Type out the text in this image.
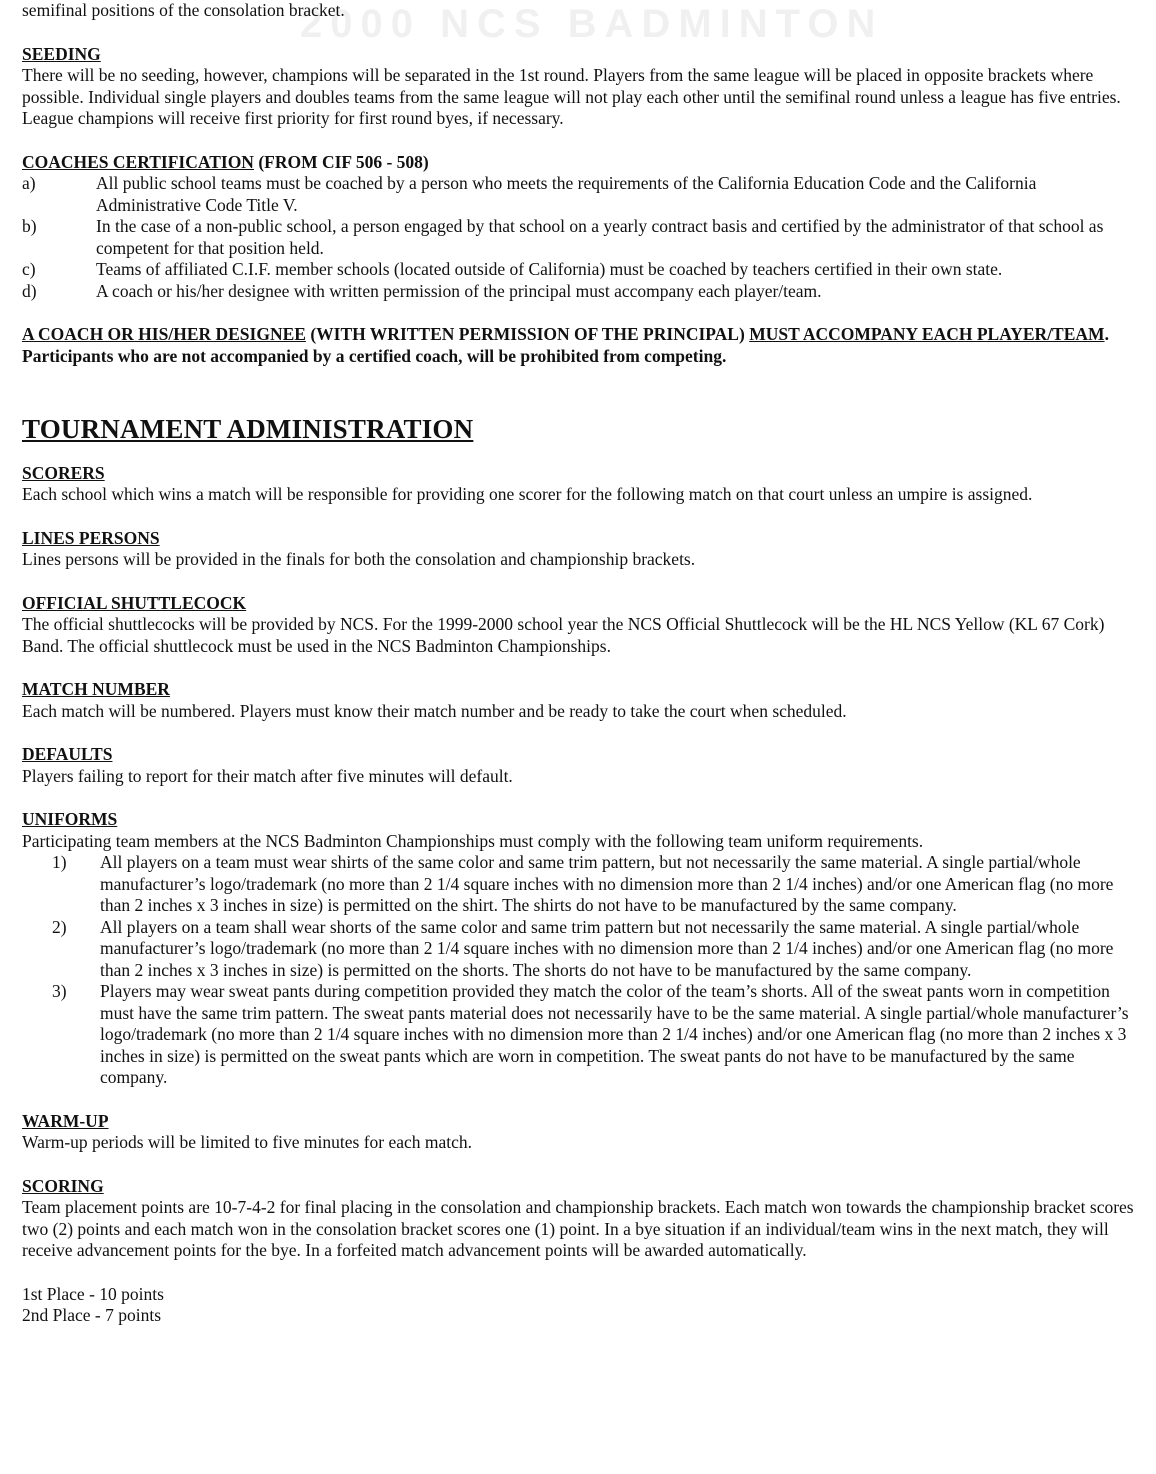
2000 NCS BADMINTON

semifinal positions of the consolation bracket.

SEEDING

There will be no seeding, however, champions will be separated in the 1st round. Players from the same league will be placed in opposite brackets where possible. Individual single players and doubles teams from the same league will not play each other until the semifinal round unless a league has five entries. League champions will receive first priority for first round byes, if necessary.

COACHES CERTIFICATION (FROM CIF 506 - 508)
a)	All public school teams must be coached by a person who meets the requirements of the California Education Code and the California Administrative Code Title V.
b)	In the case of a non-public school, a person engaged by that school on a yearly contract basis and certified by the administrator of that school as competent for that position held.
c)	Teams of affiliated C.I.F. member schools (located outside of California) must be coached by teachers certified in their own state.
d)	A coach or his/her designee with written permission of the principal must accompany each player/team.

A COACH OR HIS/HER DESIGNEE (WITH WRITTEN PERMISSION OF THE PRINCIPAL) MUST ACCOMPANY EACH PLAYER/TEAM. Participants who are not accompanied by a certified coach, will be prohibited from competing.

TOURNAMENT ADMINISTRATION
SCORERS

Each school which wins a match will be responsible for providing one scorer for the following match on that court unless an umpire is assigned.

LINES PERSONS

Lines persons will be provided in the finals for both the consolation and championship brackets.

OFFICIAL SHUTTLECOCK

The official shuttlecocks will be provided by NCS. For the 1999-2000 school year the NCS Official Shuttlecock will be the HL NCS Yellow (KL 67 Cork) Band. The official shuttlecock must be used in the NCS Badminton Championships.

MATCH NUMBER

Each match will be numbered. Players must know their match number and be ready to take the court when scheduled.

DEFAULTS

Players failing to report for their match after five minutes will default.

UNIFORMS

Participating team members at the NCS Badminton Championships must comply with the following team uniform requirements.

1)	All players on a team must wear shirts of the same color and same trim pattern, but not necessarily the same material. A single partial/whole manufacturer’s logo/trademark (no more than 2 1/4 square inches with no dimension more than 2 1/4 inches) and/or one American flag (no more than 2 inches x 3 inches in size) is permitted on the shirt. The shirts do not have to be manufactured by the same company.
2)	All players on a team shall wear shorts of the same color and same trim pattern but not necessarily the same material. A single partial/whole manufacturer’s logo/trademark (no more than 2 1/4 square inches with no dimension more than 2 1/4 inches) and/or one American flag (no more than 2 inches x 3 inches in size) is permitted on the shorts. The shorts do not have to be manufactured by the same company.
3)	Players may wear sweat pants during competition provided they match the color of the team’s shorts. All of the sweat pants worn in competition must have the same trim pattern. The sweat pants material does not necessarily have to be the same material. A single partial/whole manufacturer’s logo/trademark (no more than 2 1/4 square inches with no dimension more than 2 1/4 inches) and/or one American flag (no more than 2 inches x 3 inches in size) is permitted on the sweat pants which are worn in competition. The sweat pants do not have to be manufactured by the same company.
WARM-UP

Warm-up periods will be limited to five minutes for each match.

SCORING

Team placement points are 10-7-4-2 for final placing in the consolation and championship brackets. Each match won towards the championship bracket scores two (2) points and each match won in the consolation bracket scores one (1) point. In a bye situation if an individual/team wins in the next match, they will receive advancement points for the bye. In a forfeited match advancement points will be awarded automatically.

1st Place - 10 points
2nd Place - 7 points
